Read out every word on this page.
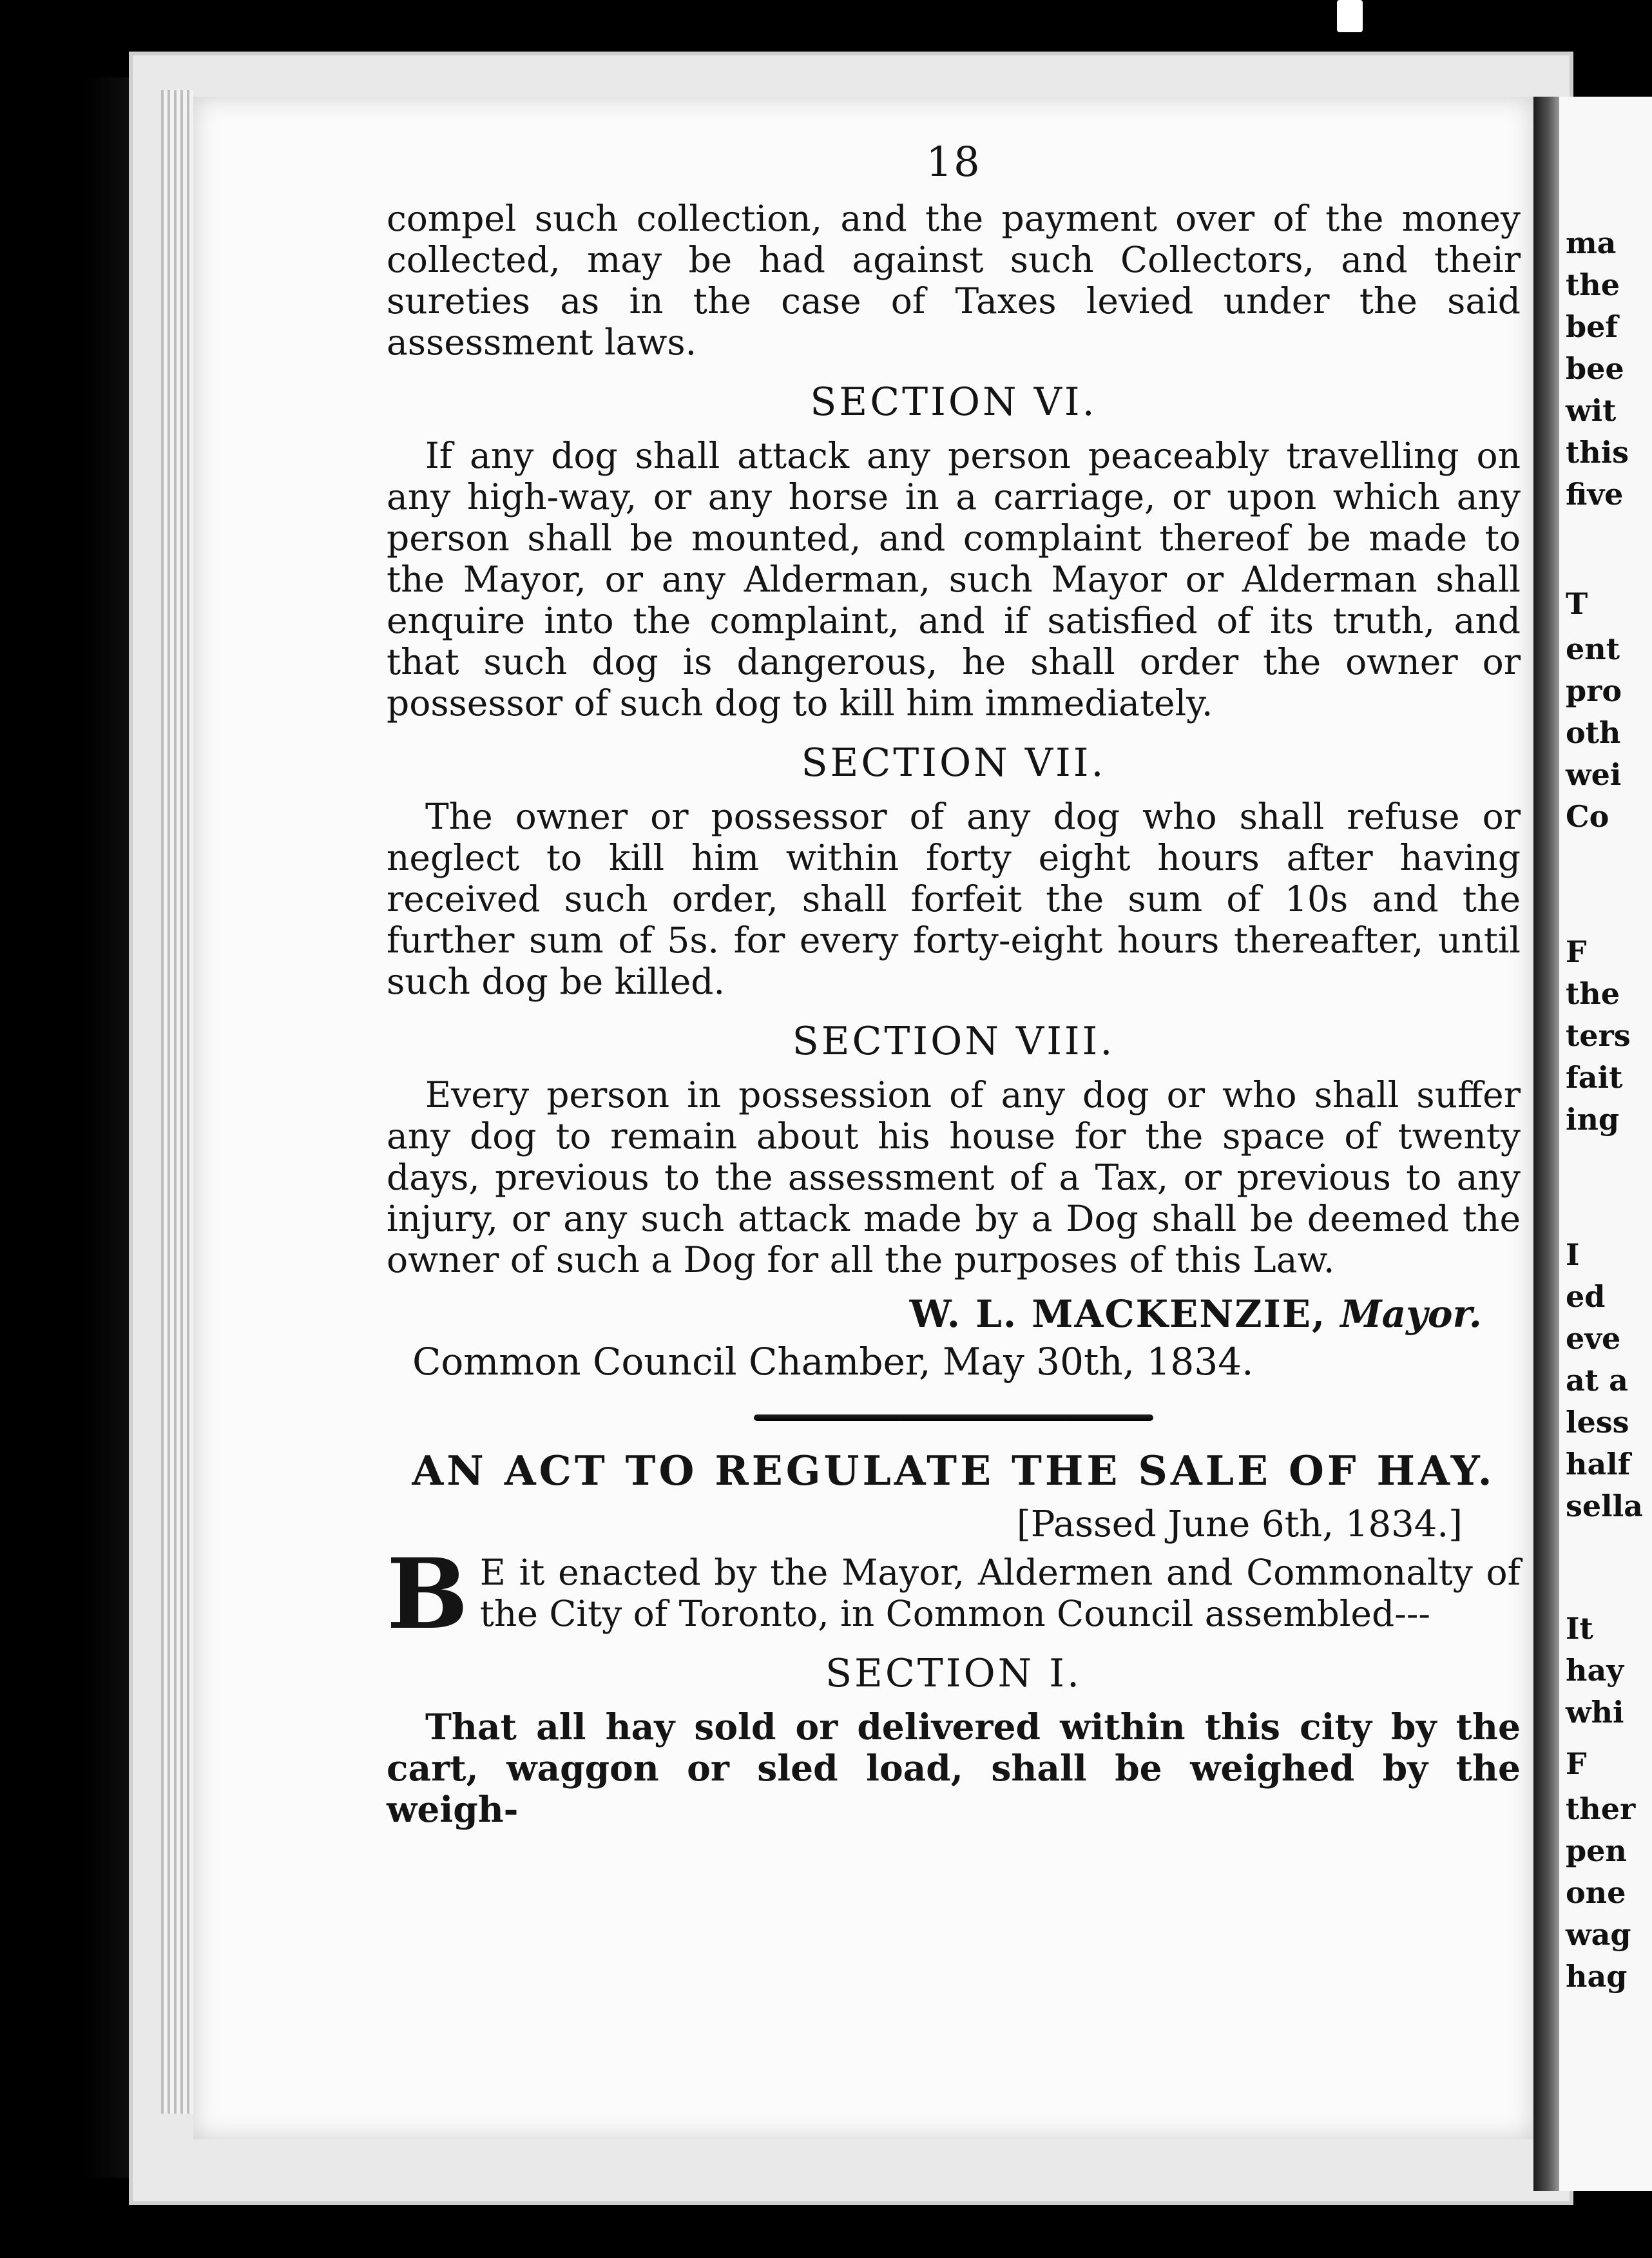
ma
the
bef
bee
wit
this
five
T
ent
pro
oth
wei
Co
F
the
ters
fait
ing
I
ed
eve
at a
less
half
sella
It
hay
whi
F
ther
pen
one
wag
hag
18

compel such collection, and the payment over of the money collected, may be had against such Collectors, and their sureties as in the case of Taxes levied under the said assessment laws.

SECTION VI.

If any dog shall attack any person peaceably travelling on any high-way, or any horse in a carriage, or upon which any person shall be mounted, and complaint thereof be made to the Mayor, or any Alderman, such Mayor or Alderman shall enquire into the complaint, and if satisfied of its truth, and that such dog is dangerous, he shall order the owner or possessor of such dog to kill him immediately.

SECTION VII.

The owner or possessor of any dog who shall refuse or neglect to kill him within forty eight hours after having received such order, shall forfeit the sum of 10s and the further sum of 5s. for every forty-eight hours thereafter, until such dog be killed.

SECTION VIII.

Every person in possession of any dog or who shall suffer any dog to remain about his house for the space of twenty days, previous to the assessment of a Tax, or previous to any injury, or any such attack made by a Dog shall be deemed the owner of such a Dog for all the purposes of this Law.

W. L. MACKENZIE, Mayor.
Common Council Chamber, May 30th, 1834.
AN ACT TO REGULATE THE SALE OF HAY.
[Passed June 6th, 1834.]

B E it enacted by the Mayor, Aldermen and Commonalty of the City of Toronto, in Common Council assembled---

SECTION I.

That all hay sold or delivered within this city by the cart, waggon or sled load, shall be weighed by the weigh-
